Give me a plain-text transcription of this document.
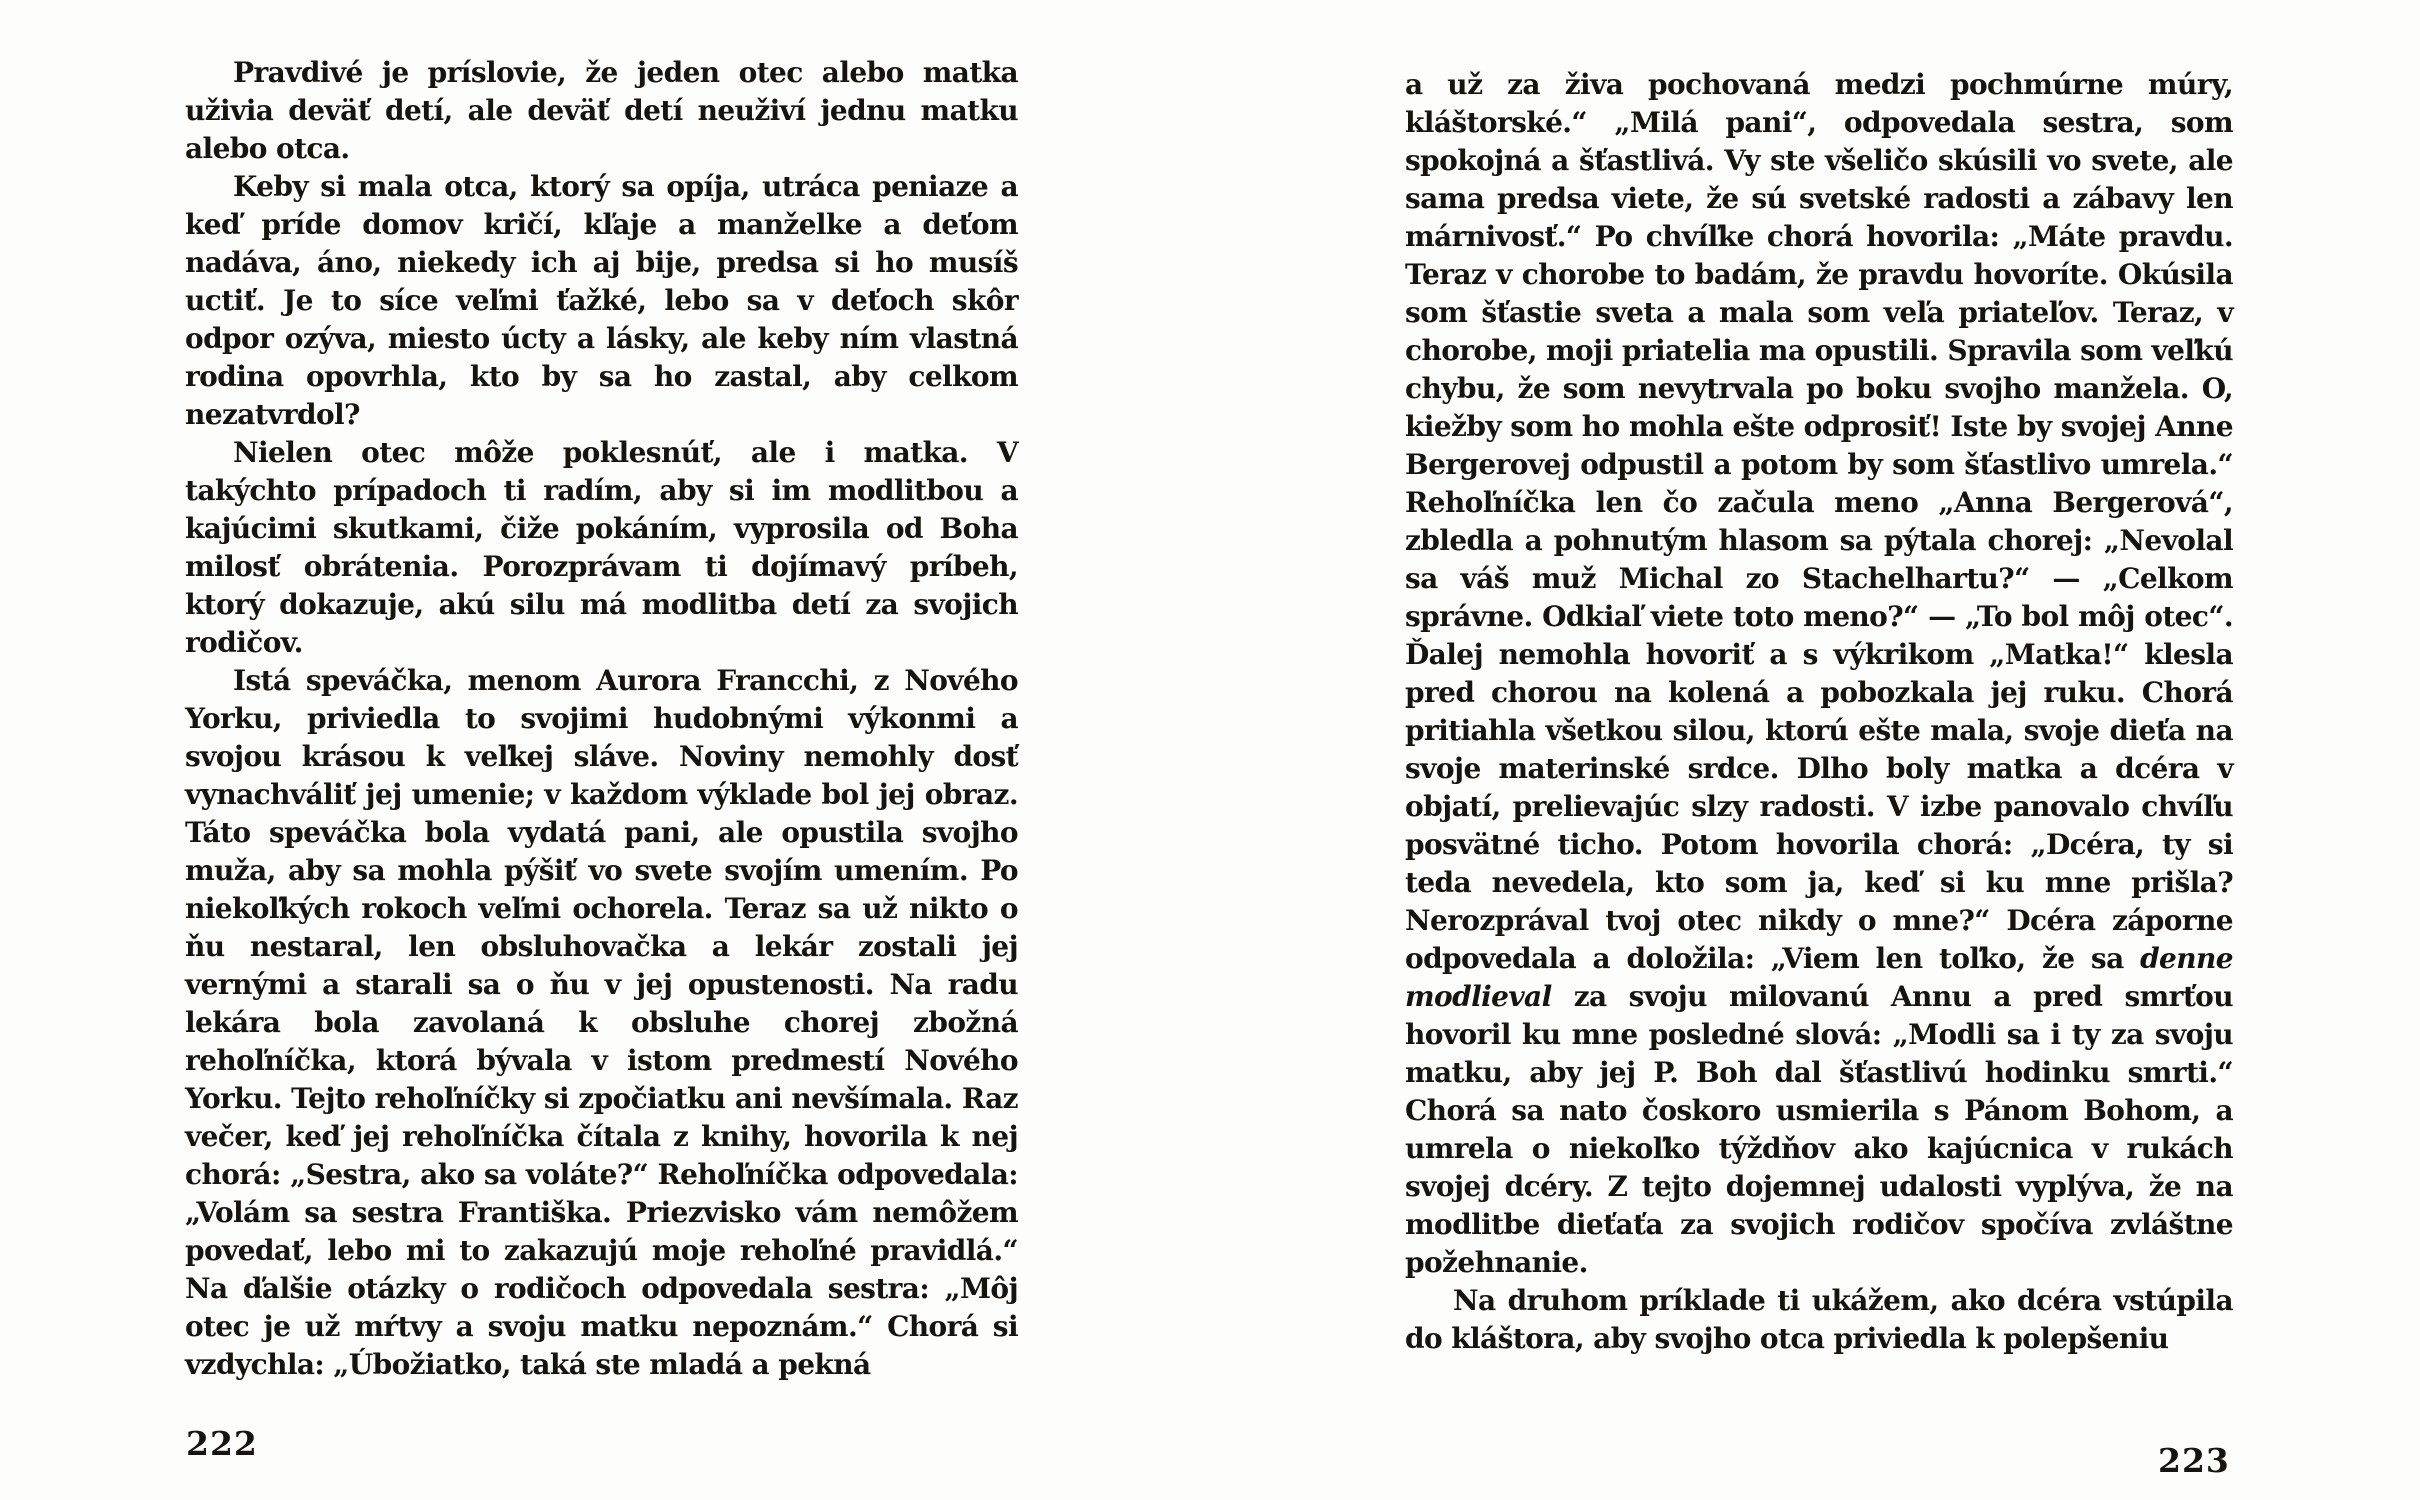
Pravdivé je príslovie, že jeden otec alebo matka uživia deväť detí, ale deväť detí neuživí jednu matku alebo otca.

Keby si mala otca, ktorý sa opíja, utráca peniaze a keď príde domov kričí, kľaje a manželke a deťom nadáva, áno, niekedy ich aj bije, predsa si ho musíš uctiť. Je to síce veľmi ťažké, lebo sa v deťoch skôr odpor ozýva, miesto úcty a lásky, ale keby ním vlastná rodina opovrhla, kto by sa ho zastal, aby celkom nezatvrdol?

Nielen otec môže poklesnúť, ale i matka. V takýchto prípadoch ti radím, aby si im modlitbou a kajúcimi skutkami, čiže pokáním, vyprosila od Boha milosť obrátenia. Porozprávam ti dojímavý príbeh, ktorý dokazuje, akú silu má modlitba detí za svojich rodičov.

Istá speváčka, menom Aurora Francchi, z Nového Yorku, priviedla to svojimi hudobnými výkonmi a svojou krásou k veľkej sláve. Noviny nemohly dosť vynachváliť jej umenie; v každom výklade bol jej obraz. Táto speváčka bola vydatá pani, ale opustila svojho muža, aby sa mohla pýšiť vo svete svojím umením. Po niekoľkých rokoch veľmi ochorela. Teraz sa už nikto o ňu nestaral, len obsluhovačka a lekár zostali jej vernými a starali sa o ňu v jej opustenosti. Na radu lekára bola zavolaná k obsluhe chorej zbožná rehoľníčka, ktorá bývala v istom predmestí Nového Yorku. Tejto rehoľníčky si zpočiatku ani nevšímala. Raz večer, keď jej rehoľníčka čítala z knihy, hovorila k nej chorá: „Sestra, ako sa voláte?“ Rehoľníčka odpovedala: „Volám sa sestra Františka. Priezvisko vám nemôžem povedať, lebo mi to zakazujú moje rehoľné pravidlá.“ Na ďalšie otázky o rodičoch odpovedala sestra: „Môj otec je už mŕtvy a svoju matku nepoznám.“ Chorá si vzdychla: „Úbožiatko, taká ste mladá a pekná

222

a už za živa pochovaná medzi pochmúrne múry, kláštorské.“ „Milá pani“, odpovedala sestra, som spokojná a šťastlivá. Vy ste všeličo skúsili vo svete, ale sama predsa viete, že sú svetské radosti a zábavy len márnivosť.“ Po chvíľke chorá hovorila: „Máte pravdu. Teraz v chorobe to badám, že pravdu hovoríte. Okúsila som šťastie sveta a mala som veľa priateľov. Teraz, v chorobe, moji priatelia ma opustili. Spravila som veľkú chybu, že som nevytrvala po boku svojho manžela. O, kiežby som ho mohla ešte odprosiť! Iste by svojej Anne Bergerovej odpustil a potom by som šťastlivo umrela.“ Rehoľníčka len čo začula meno „Anna Bergerová“, zbledla a pohnutým hlasom sa pýtala chorej: „Nevolal sa váš muž Michal zo Stachelhartu?“ — „Celkom správne. Odkiaľ viete toto meno?“ — „To bol môj otec“. Ďalej nemohla hovoriť a s výkrikom „Matka!“ klesla pred chorou na kolená a pobozkala jej ruku. Chorá pritiahla všetkou silou, ktorú ešte mala, svoje dieťa na svoje materinské srdce. Dlho boly matka a dcéra v objatí, prelievajúc slzy radosti. V izbe panovalo chvíľu posvätné ticho. Potom hovorila chorá: „Dcéra, ty si teda nevedela, kto som ja, keď si ku mne prišla? Nerozprával tvoj otec nikdy o mne?“ Dcéra záporne odpovedala a doložila: „Viem len toľko, že sa denne modlieval za svoju milovanú Annu a pred smrťou hovoril ku mne posledné slová: „Modli sa i ty za svoju matku, aby jej P. Boh dal šťastlivú hodinku smrti.“ Chorá sa nato čoskoro usmierila s Pánom Bohom, a umrela o niekoľko týždňov ako kajúcnica v rukách svojej dcéry. Z tejto dojemnej udalosti vyplýva, že na modlitbe dieťaťa za svojich rodičov spočíva zvláštne požehnanie.

Na druhom príklade ti ukážem, ako dcéra vstúpila do kláštora, aby svojho otca priviedla k polepšeniu

223
